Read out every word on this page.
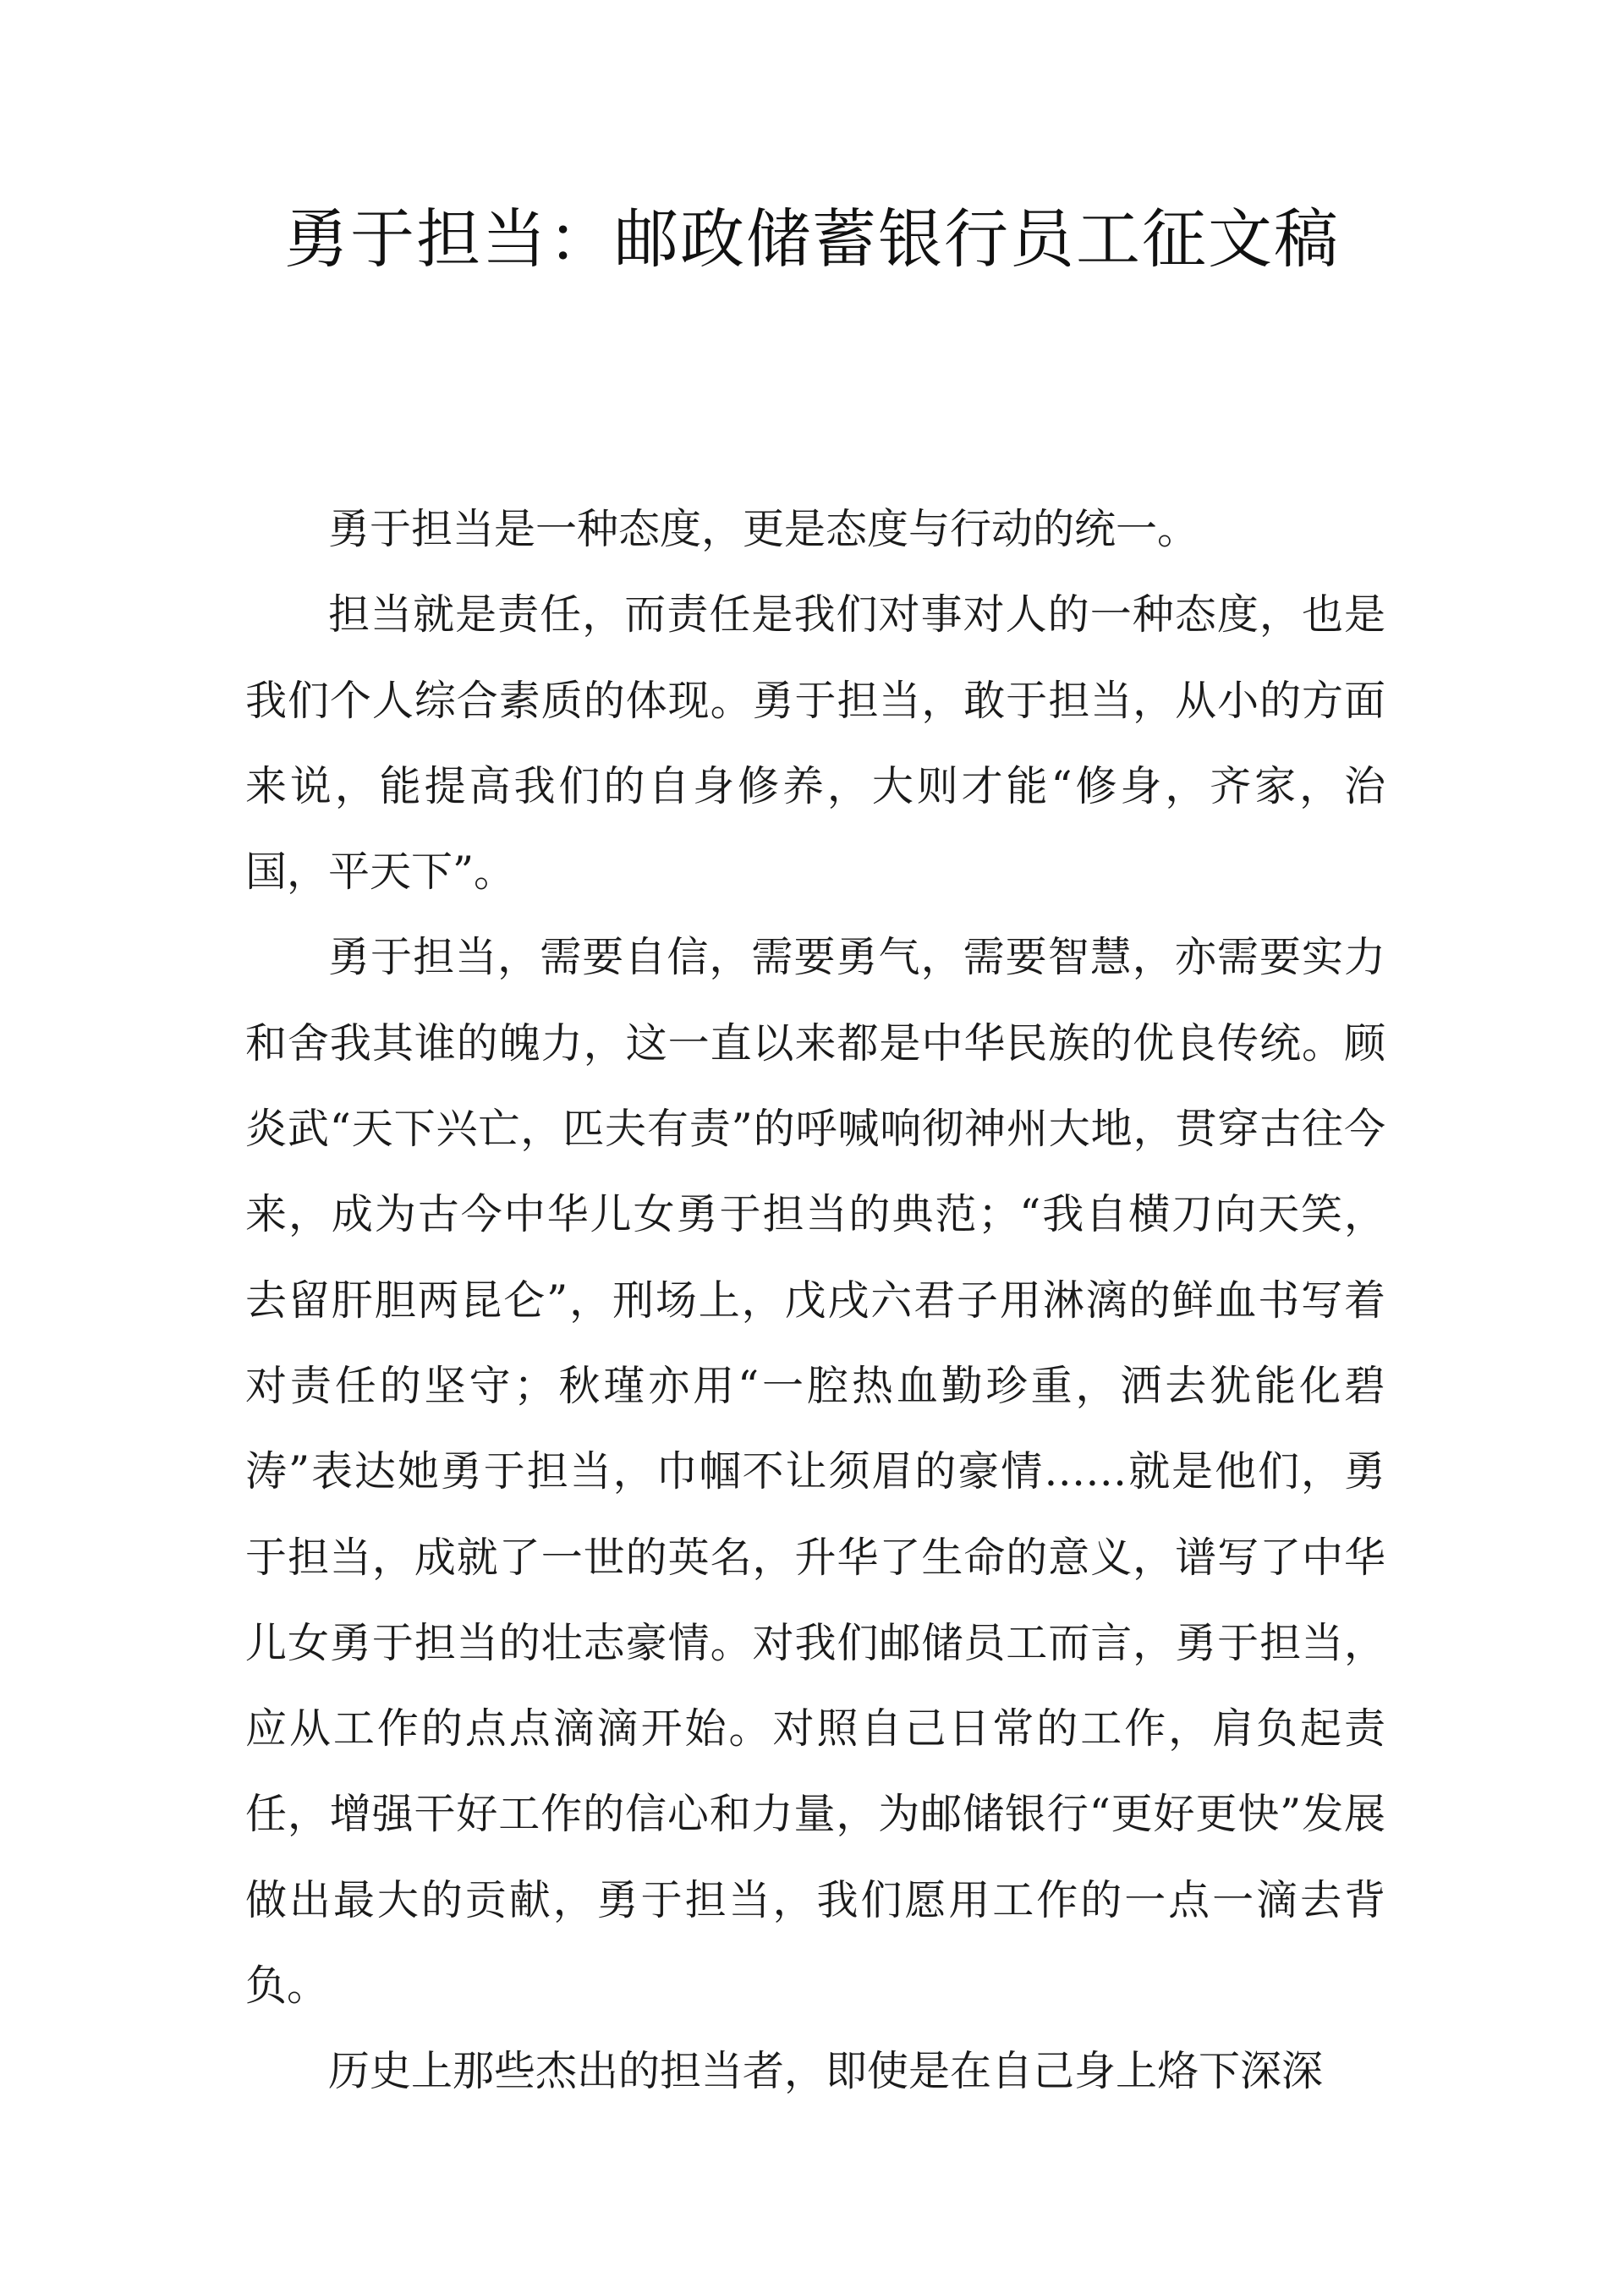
勇于担当：邮政储蓄银行员工征文稿

勇于担当是一种态度，更是态度与行动的统一。

担当就是责任，而责任是我们对事对人的一种态度，也是我们个人综合素质的体现。勇于担当，敢于担当，从小的方面来说，能提高我们的自身修养，大则才能“修身，齐家，治国，平天下”。

勇于担当，需要自信，需要勇气，需要智慧，亦需要实力和舍我其谁的魄力，这一直以来都是中华民族的优良传统。顾炎武“天下兴亡，匹夫有责”的呼喊响彻神州大地，贯穿古往今来，成为古今中华儿女勇于担当的典范；“我自横刀向天笑，去留肝胆两昆仑”，刑场上，戊戌六君子用淋漓的鲜血书写着对责任的坚守；秋瑾亦用“一腔热血勤珍重，洒去犹能化碧涛”表达她勇于担当，巾帼不让须眉的豪情……就是他们，勇于担当，成就了一世的英名，升华了生命的意义，谱写了中华儿女勇于担当的壮志豪情。对我们邮储员工而言，勇于担当，应从工作的点点滴滴开始。对照自己日常的工作，肩负起责任，增强干好工作的信心和力量，为邮储银行“更好更快”发展做出最大的贡献，勇于担当，我们愿用工作的一点一滴去背负。

历史上那些杰出的担当者，即使是在自己身上烙下深深
